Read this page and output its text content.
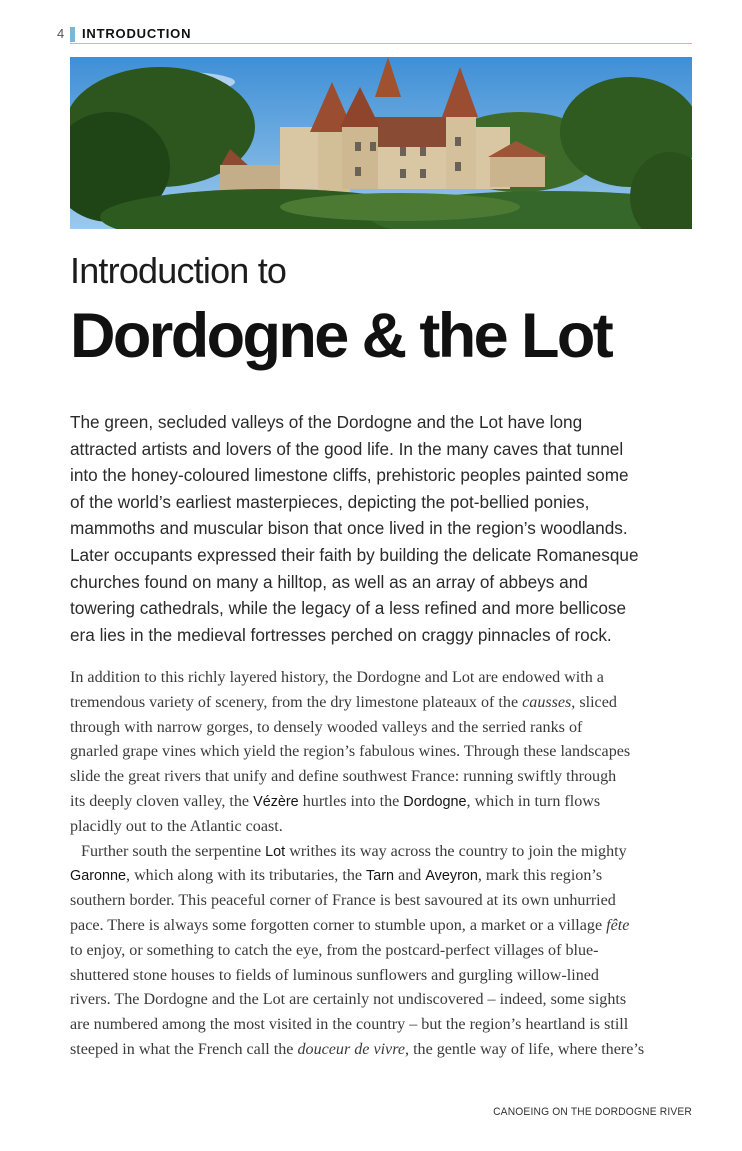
4 INTRODUCTION
Introduction to
Dordogne & the Lot
The green, secluded valleys of the Dordogne and the Lot have long
attracted artists and lovers of the good life. In the many caves that tunnel
into the honey-coloured limestone cliffs, prehistoric peoples painted some
of the world’s earliest masterpieces, depicting the pot-bellied ponies,
mammoths and muscular bison that once lived in the region’s woodlands.
Later occupants expressed their faith by building the delicate Romanesque
churches found on many a hilltop, as well as an array of abbeys and
towering cathedrals, while the legacy of a less refined and more bellicose
era lies in the medieval fortresses perched on craggy pinnacles of rock.
In addition to this richly layered history, the Dordogne and Lot are endowed with a
tremendous variety of scenery, from the dry limestone plateaux of the causses, sliced
through with narrow gorges, to densely wooded valleys and the serried ranks of
gnarled grape vines which yield the region’s fabulous wines. Through these landscapes
slide the great rivers that unify and define southwest France: running swiftly through
its deeply cloven valley, the Vézère hurtles into the Dordogne, which in turn flows
placidly out to the Atlantic coast.
Further south the serpentine Lot writhes its way across the country to join the mighty
Garonne, which along with its tributaries, the Tarn and Aveyron, mark this region’s
southern border. This peaceful corner of France is best savoured at its own unhurried
pace. There is always some forgotten corner to stumble upon, a market or a village fête
to enjoy, or something to catch the eye, from the postcard-perfect villages of blue-
shuttered stone houses to fields of luminous sunflowers and gurgling willow-lined
rivers. The Dordogne and the Lot are certainly not undiscovered – indeed, some sights
are numbered among the most visited in the country – but the region’s heartland is still
steeped in what the French call the douceur de vivre, the gentle way of life, where there’s
CANOEING ON THE DORDOGNE RIVER
